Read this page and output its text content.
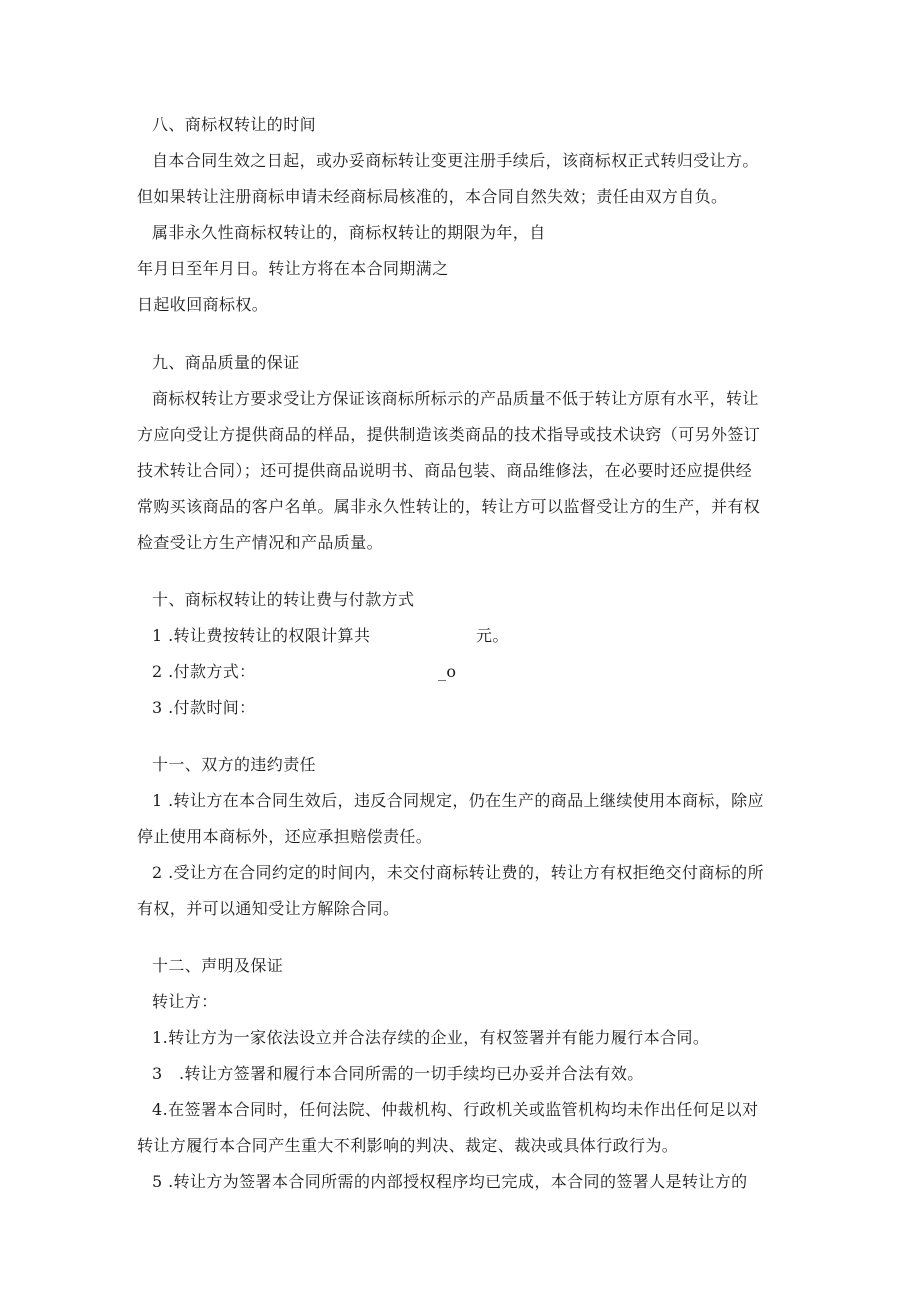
八、商标权转让的时间
自本合同生效之日起，或办妥商标转让变更注册手续后，该商标权正式转归受让方。
但如果转让注册商标申请未经商标局核准的，本合同自然失效；责任由双方自负。
属非永久性商标权转让的，商标权转让的期限为年，自
年月日至年月日。转让方将在本合同期满之
日起收回商标权。
九、商品质量的保证
商标权转让方要求受让方保证该商标所标示的产品质量不低于转让方原有水平，转让
方应向受让方提供商品的样品，提供制造该类商品的技术指导或技术诀窍（可另外签订
技术转让合同）；还可提供商品说明书、商品包装、商品维修法，在必要时还应提供经
常购买该商品的客户名单。属非永久性转让的，转让方可以监督受让方的生产，并有权
检查受让方生产情况和产品质量。
十、商标权转让的转让费与付款方式
1 .转让费按转让的权限计算共	元。
2 .付款方式：	_o
3 .付款时间：
十一、双方的违约责任
1 .转让方在本合同生效后，违反合同规定，仍在生产的商品上继续使用本商标，除应
停止使用本商标外，还应承担赔偿责任。
2 .受让方在合同约定的时间内，未交付商标转让费的，转让方有权拒绝交付商标的所
有权，并可以通知受让方解除合同。
十二、声明及保证
转让方：
1.转让方为一家依法设立并合法存续的企业，有权签署并有能力履行本合同。
3　.转让方签署和履行本合同所需的一切手续均已办妥并合法有效。
4.在签署本合同时，任何法院、仲裁机构、行政机关或监管机构均未作出任何足以对
转让方履行本合同产生重大不利影响的判决、裁定、裁决或具体行政行为。
5 .转让方为签署本合同所需的内部授权程序均已完成，本合同的签署人是转让方的
